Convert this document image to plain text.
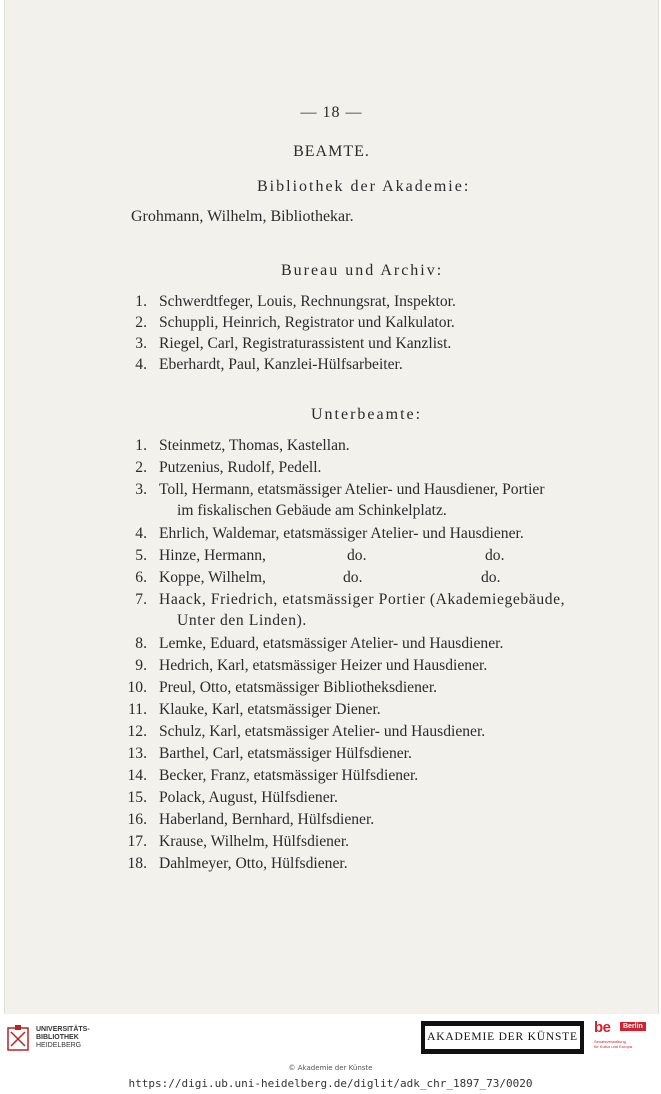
— 18 —
BEAMTE.
Bibliothek der Akademie:
Grohmann, Wilhelm, Bibliothekar.
Bureau und Archiv:
1. Schwerdtfeger, Louis, Rechnungsrat, Inspektor.
2. Schuppli, Heinrich, Registrator und Kalkulator.
3. Riegel, Carl, Registraturassistent und Kanzlist.
4. Eberhardt, Paul, Kanzlei-Hülfsarbeiter.
Unterbeamte:
1. Steinmetz, Thomas, Kastellan.
2. Putzenius, Rudolf, Pedell.
3. Toll, Hermann, etatsmässiger Atelier- und Hausdiener, Portier
im fiskalischen Gebäude am Schinkelplatz.
4. Ehrlich, Waldemar, etatsmässiger Atelier- und Hausdiener.
5. Hinze, Hermann,	do.	do.
6. Koppe, Wilhelm,	do.	do.
7. Haack, Friedrich, etatsmässiger Portier (Akademiegebäude,
Unter den Linden).
8. Lemke, Eduard, etatsmässiger Atelier- und Hausdiener.
9. Hedrich, Karl, etatsmässiger Heizer und Hausdiener.
10. Preul, Otto, etatsmässiger Bibliotheksdiener.
11. Klauke, Karl, etatsmässiger Diener.
12. Schulz, Karl, etatsmässiger Atelier- und Hausdiener.
13. Barthel, Carl, etatsmässiger Hülfsdiener.
14. Becker, Franz, etatsmässiger Hülfsdiener.
15. Polack, August, Hülfsdiener.
16. Haberland, Bernhard, Hülfsdiener.
17. Krause, Wilhelm, Hülfsdiener.
18. Dahlmeyer, Otto, Hülfsdiener.
UNIVERSITÄTS-
BIBLIOTHEK
HEIDELBERG
AKADEMIE DER KÜNSTE
be	Berlin
Senatsverwaltung
für Kultur und Europa
© Akademie der Künste
https://digi.ub.uni-heidelberg.de/diglit/adk_chr_1897_73/0020
